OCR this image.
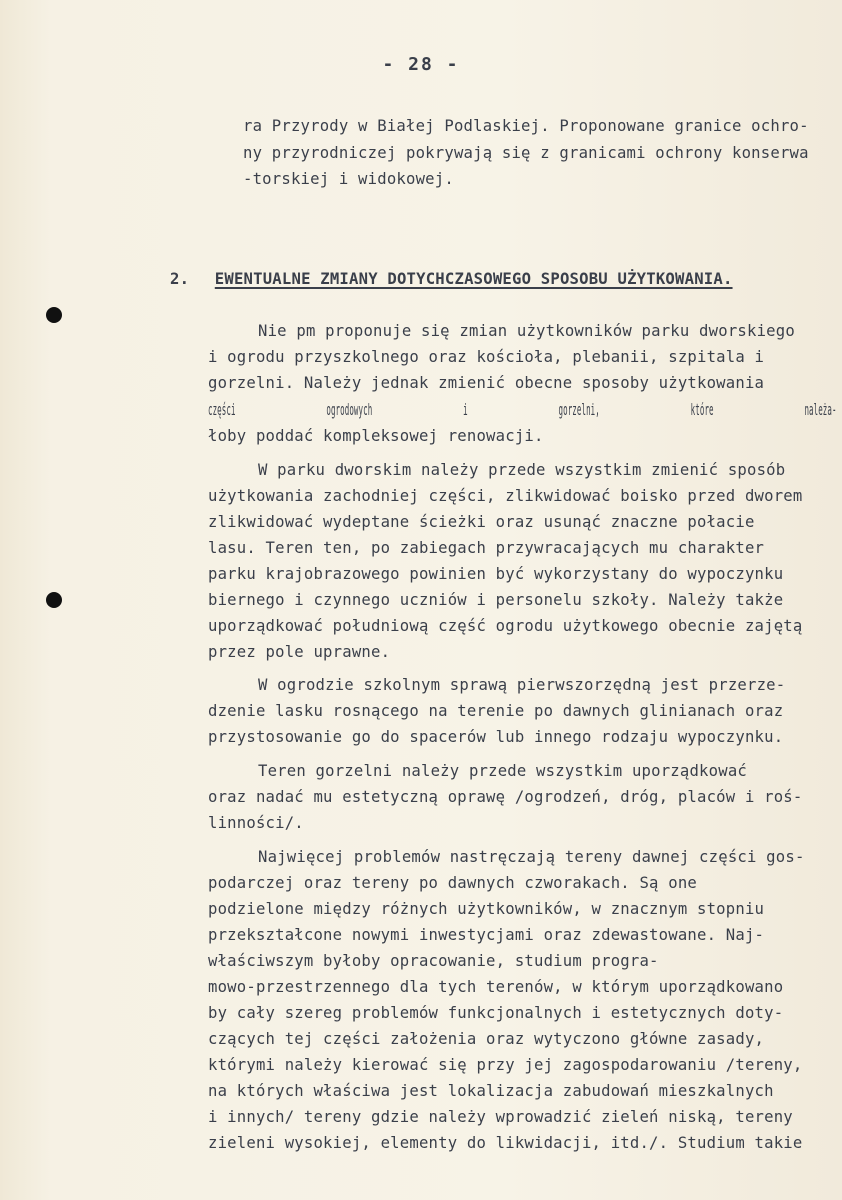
- 28 -
ra Przyrody w Białej Podlaskiej. Proponowane granice ochro-
ny przyrodniczej pokrywają się z granicami ochrony konserwa
-torskiej i widokowej.
2. EWENTUALNE ZMIANY DOTYCHCZASOWEGO SPOSOBU UŻYTKOWANIA.
Nie pm proponuje się zmian użytkowników parku dworskiego
i ogrodu przyszkolnego oraz kościoła, plebanii, szpitala i
gorzelni. Należy jednak zmienić obecne sposoby użytkowania
części ogrodowych i gorzelni, które należa-
łoby poddać kompleksowej renowacji.
W parku dworskim należy przede wszystkim zmienić sposób
użytkowania zachodniej części, zlikwidować boisko przed dworem
zlikwidować wydeptane ścieżki oraz usunąć znaczne połacie
lasu. Teren ten, po zabiegach przywracających mu charakter
parku krajobrazowego powinien być wykorzystany do wypoczynku
biernego i czynnego uczniów i personelu szkoły. Należy także
uporządkować południową część ogrodu użytkowego obecnie zajętą
przez pole uprawne.
W ogrodzie szkolnym sprawą pierwszorzędną jest przerze-
dzenie lasku rosnącego na terenie po dawnych glinianach oraz
przystosowanie go do spacerów lub innego rodzaju wypoczynku.
Teren gorzelni należy przede wszystkim uporządkować
oraz nadać mu estetyczną oprawę /ogrodzeń, dróg, placów i roś-
linności/.
Najwięcej problemów nastręczają tereny dawnej części gos-
podarczej oraz tereny po dawnych czworakach. Są one
podzielone między różnych użytkowników, w znacznym stopniu
przekształcone nowymi inwestycjami oraz zdewastowane. Naj-
właściwszym byłoby opracowanie, studium progra-
mowo-przestrzennego dla tych terenów, w którym uporządkowano
by cały szereg problemów funkcjonalnych i estetycznych doty-
czących tej części założenia oraz wytyczono główne zasady,
którymi należy kierować się przy jej zagospodarowaniu /tereny,
na których właściwa jest lokalizacja zabudowań mieszkalnych
i innych/ tereny gdzie należy wprowadzić zieleń niską, tereny
zieleni wysokiej, elementy do likwidacji, itd./. Studium takie
